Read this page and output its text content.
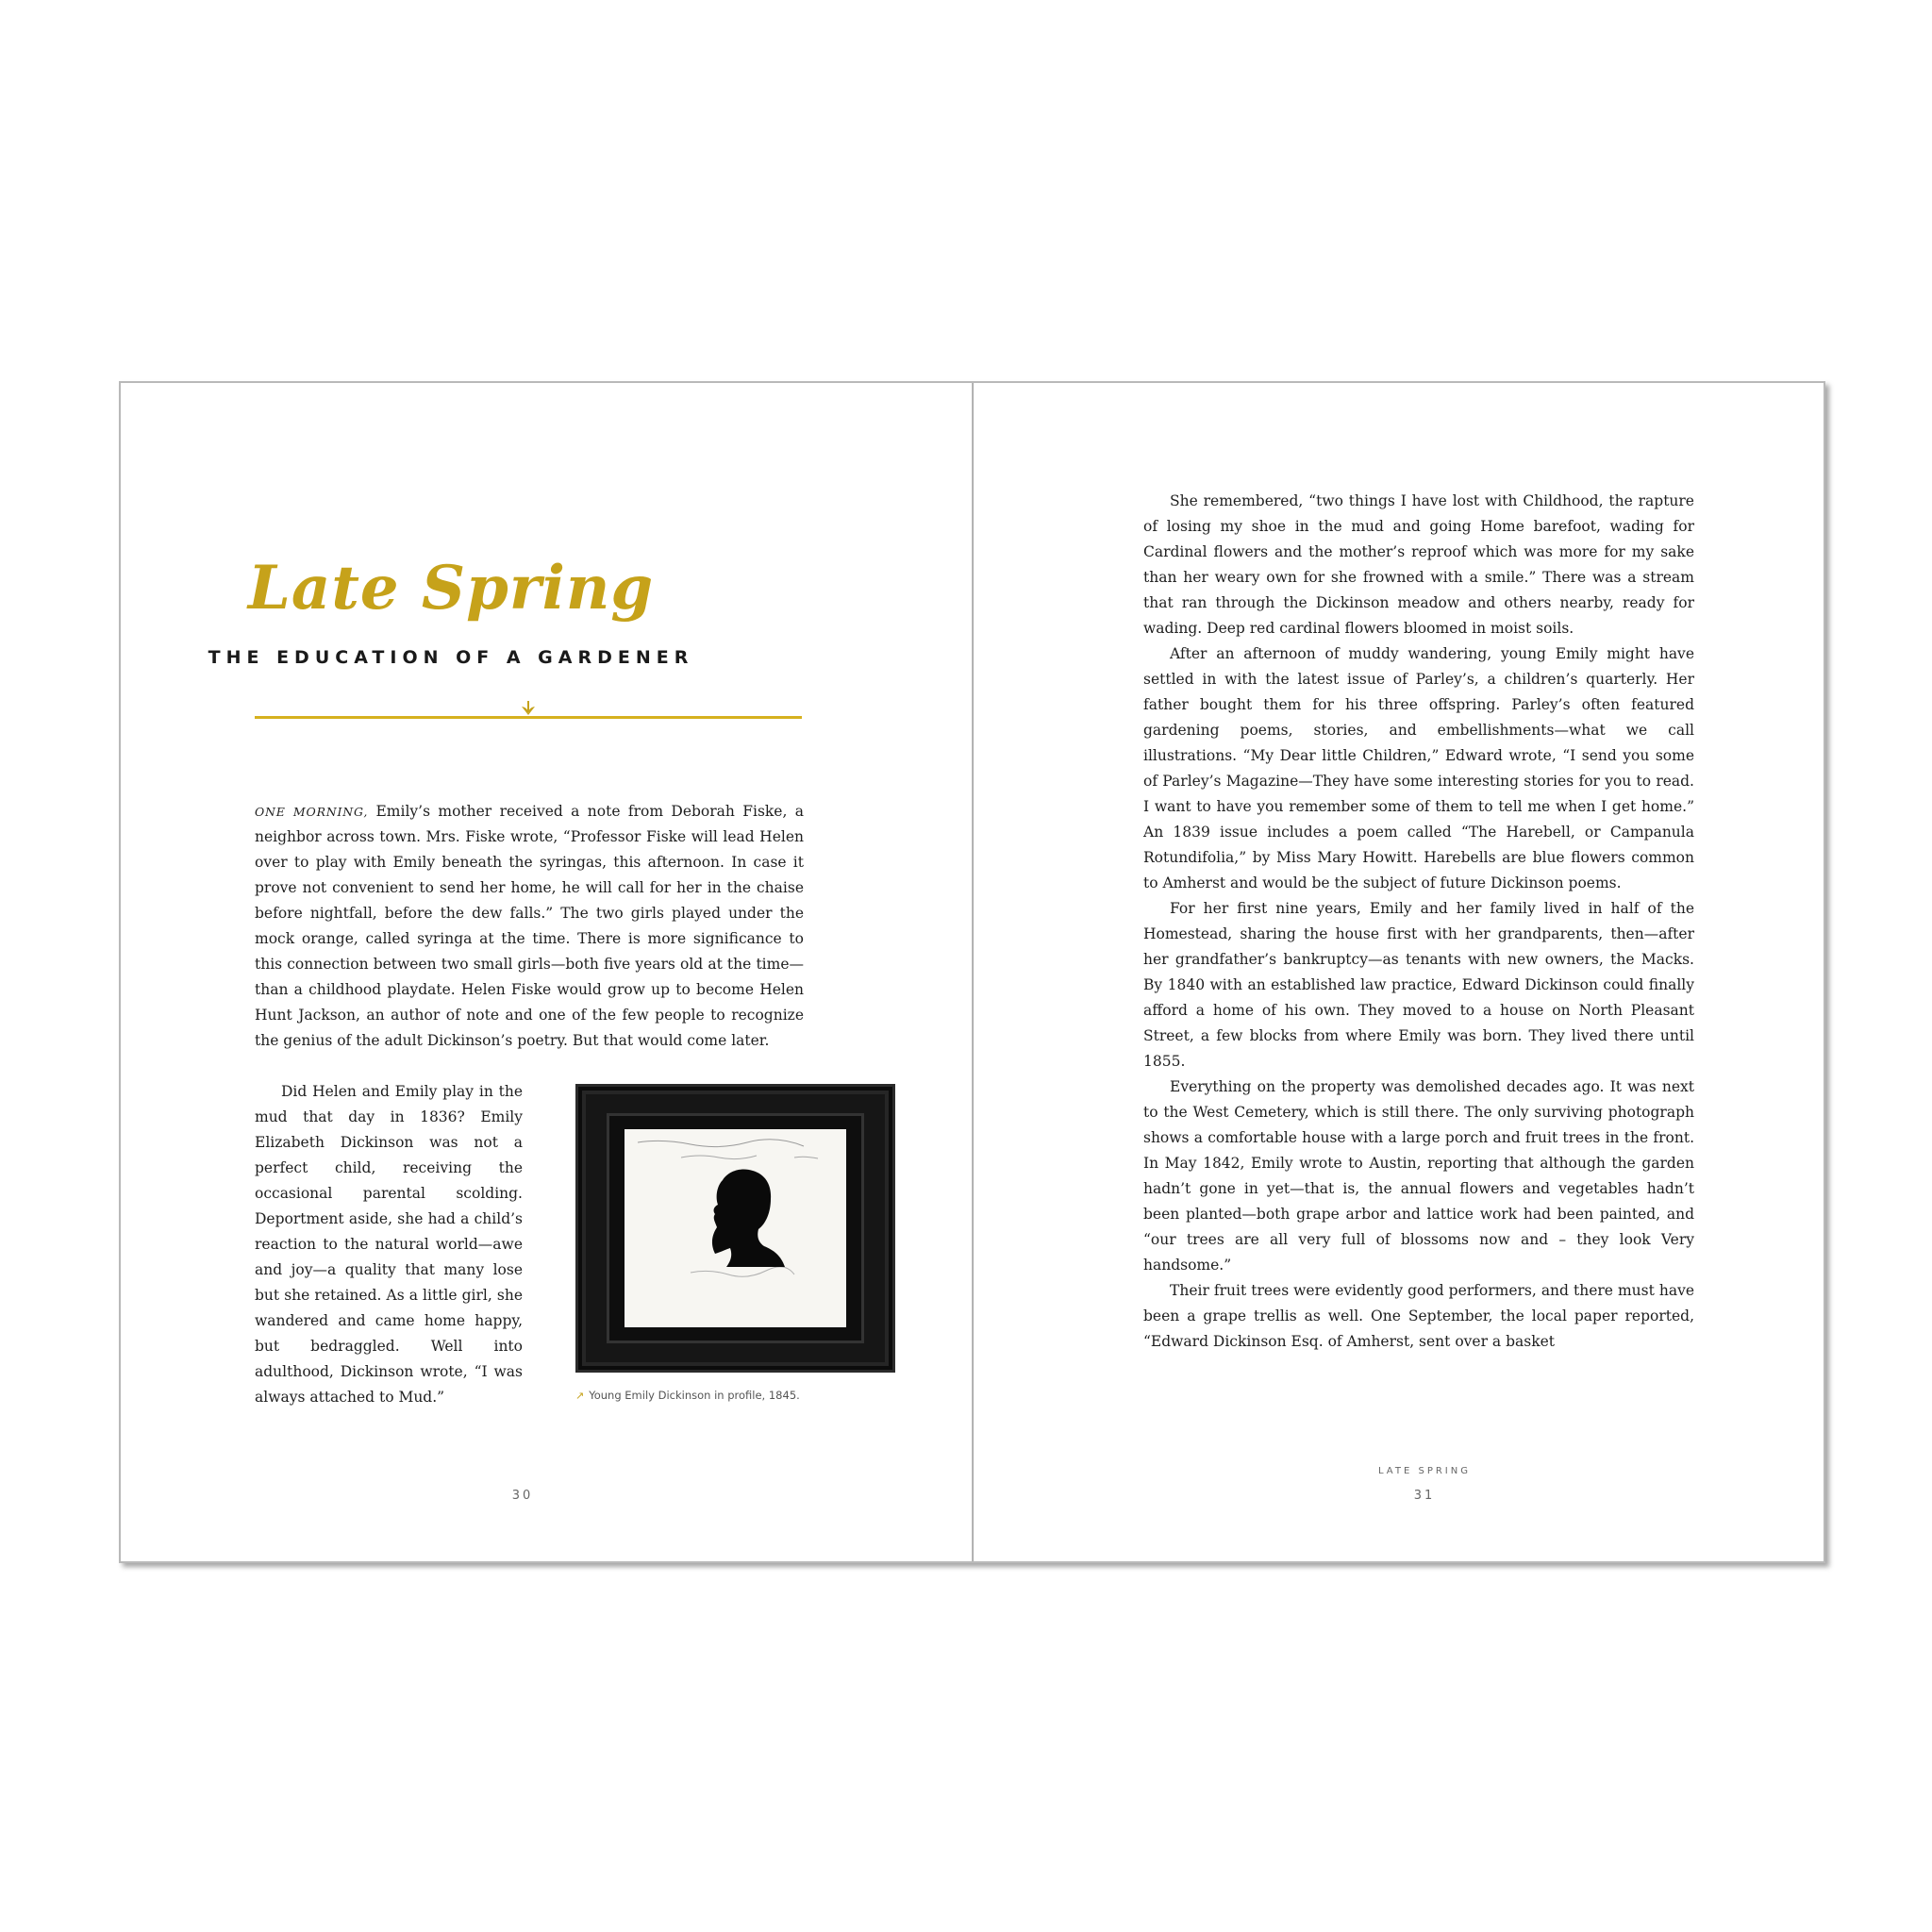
Late Spring
THE EDUCATION OF A GARDENER

ONE MORNING, Emily’s mother received a note from Deborah Fiske, a neighbor across town. Mrs. Fiske wrote, “Professor Fiske will lead Helen over to play with Emily beneath the syringas, this afternoon. In case it prove not convenient to send her home, he will call for her in the chaise before nightfall, before the dew falls.” The two girls played under the mock orange, called syringa at the time. There is more significance to this connection between two small girls—both five years old at the time—than a childhood playdate. Helen Fiske would grow up to become Helen Hunt Jackson, an author of note and one of the few people to recognize the genius of the adult Dickinson’s poetry. But that would come later.

Did Helen and Emily play in the mud that day in 1836? Emily Elizabeth Dickinson was not a perfect child, receiving the occasional parental scolding. Deportment aside, she had a child’s reaction to the natural world—awe and joy—a quality that many lose but she retained. As a little girl, she wandered and came home happy, but bedraggled. Well into adulthood, Dickinson wrote, “I was always attached to Mud.”	↗ Young Emily Dickinson in profile, 1845.

30

She remembered, “two things I have lost with Childhood, the rapture of losing my shoe in the mud and going Home barefoot, wading for Cardinal flowers and the mother’s reproof which was more for my sake than her weary own for she frowned with a smile.” There was a stream that ran through the Dickinson meadow and others nearby, ready for wading. Deep red cardinal flowers bloomed in moist soils.

After an afternoon of muddy wandering, young Emily might have settled in with the latest issue of Parley’s, a children’s quarterly. Her father bought them for his three offspring. Parley’s often featured gardening poems, stories, and embellishments—what we call illustrations. “My Dear little Children,” Edward wrote, “I send you some of Parley’s Magazine—They have some interesting stories for you to read. I want to have you remember some of them to tell me when I get home.” An 1839 issue includes a poem called “The Harebell, or Campanula Rotundifolia,” by Miss Mary Howitt. Harebells are blue flowers common to Amherst and would be the subject of future Dickinson poems.

For her first nine years, Emily and her family lived in half of the Homestead, sharing the house first with her grandparents, then—after her grandfather’s bankruptcy—as tenants with new owners, the Macks. By 1840 with an established law practice, Edward Dickinson could finally afford a home of his own. They moved to a house on North Pleasant Street, a few blocks from where Emily was born. They lived there until 1855.

Everything on the property was demolished decades ago. It was next to the West Cemetery, which is still there. The only surviving photograph shows a comfortable house with a large porch and fruit trees in the front. In May 1842, Emily wrote to Austin, reporting that although the garden hadn’t gone in yet—that is, the annual flowers and vegetables hadn’t been planted—both grape arbor and lattice work had been painted, and “our trees are all very full of blossoms now and – they look Very handsome.”

Their fruit trees were evidently good performers, and there must have been a grape trellis as well. One September, the local paper reported, “Edward Dickinson Esq. of Amherst, sent over a basket

LATE SPRING

31
